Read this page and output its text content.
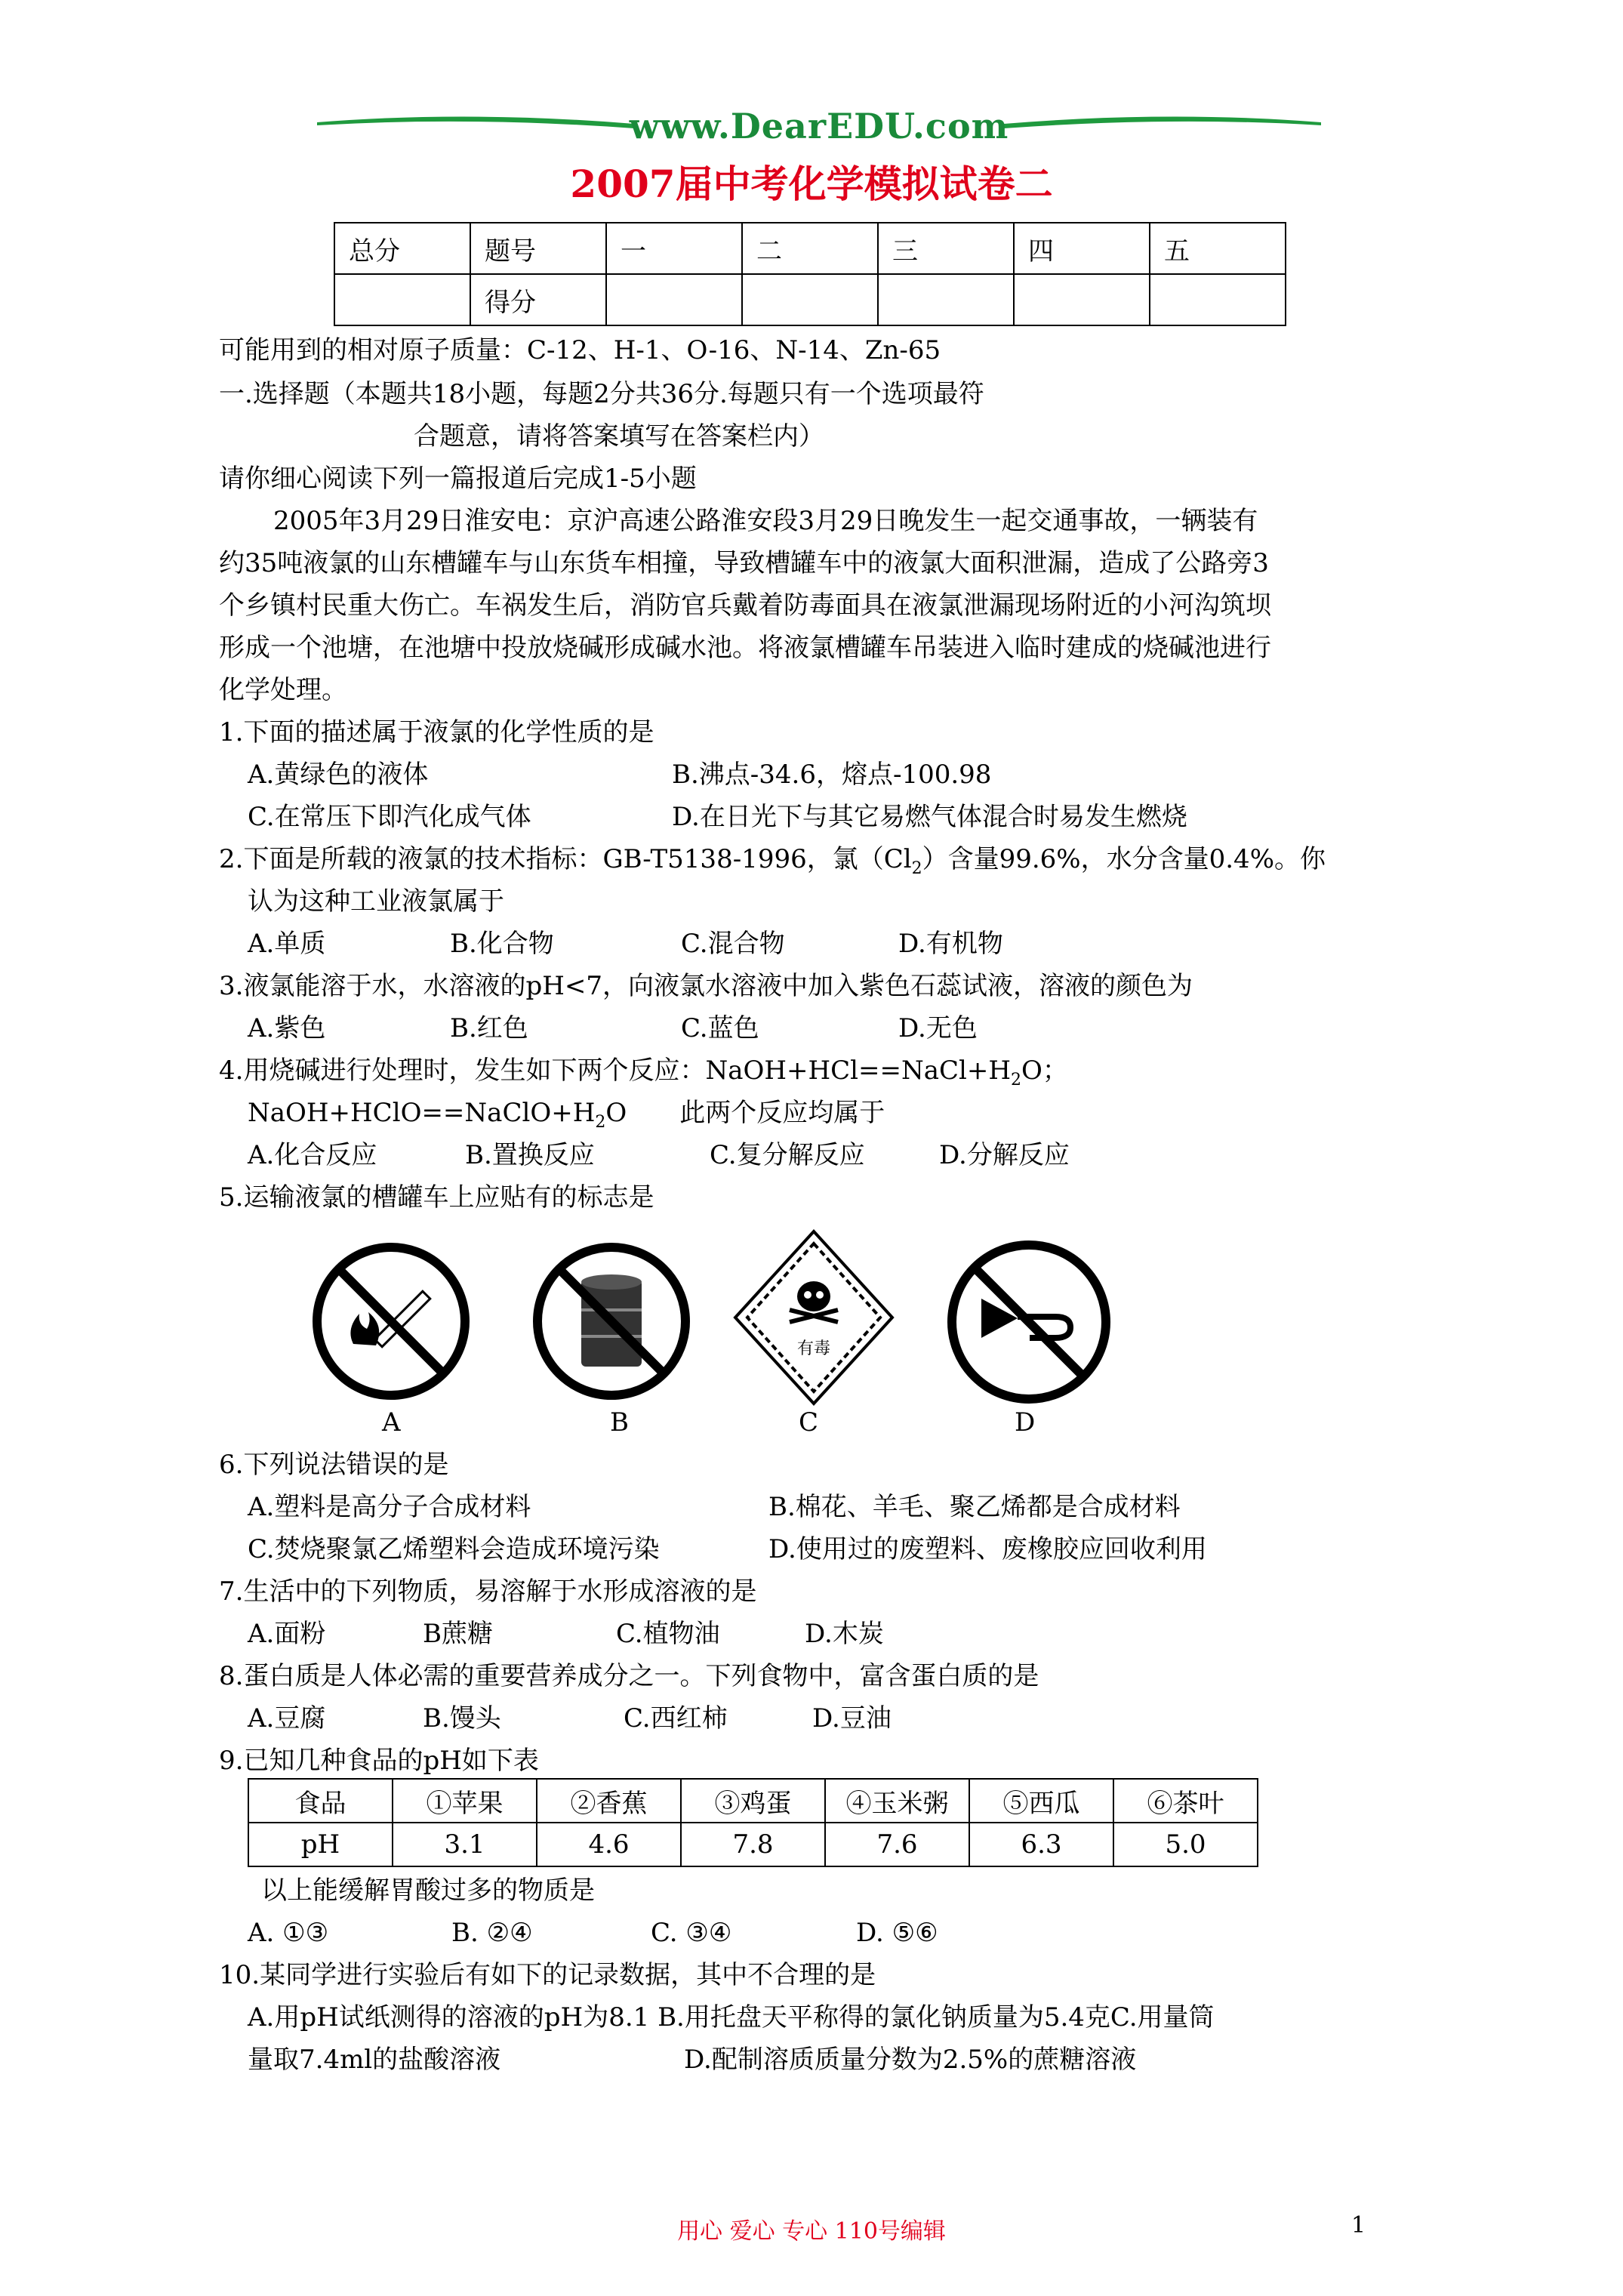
www.DearEDU.com
2007届中考化学模拟试卷二
总分	题号	一	二	三	四	五
	得分					
可能用到的相对原子质量：C-12、H-1、O-16、N-14、Zn-65
一.选择题（本题共18小题，每题2分共36分.每题只有一个选项最符
合题意，请将答案填写在答案栏内）
请你细心阅读下列一篇报道后完成1-5小题
2005年3月29日淮安电：京沪高速公路淮安段3月29日晚发生一起交通事故，一辆装有
约35吨液氯的山东槽罐车与山东货车相撞，导致槽罐车中的液氯大面积泄漏，造成了公路旁3
个乡镇村民重大伤亡。车祸发生后，消防官兵戴着防毒面具在液氯泄漏现场附近的小河沟筑坝
形成一个池塘，在池塘中投放烧碱形成碱水池。将液氯槽罐车吊装进入临时建成的烧碱池进行
化学处理。
1.下面的描述属于液氯的化学性质的是
A.黄绿色的液体	B.沸点-34.6，熔点-100.98
C.在常压下即汽化成气体	D.在日光下与其它易燃气体混合时易发生燃烧
2.下面是所载的液氯的技术指标：GB-T5138-1996，氯$(Cl_2)$含量99.6%，水分含量0.4%。你
认为这种工业液氯属于
A.单质	B.化合物	C.混合物	D.有机物
3.液氯能溶于水，水溶液的pH<7，向液氯水溶液中加入紫色石蕊试液，溶液的颜色为
A.紫色	B.红色	C.蓝色	D.无色
4.用烧碱进行处理时，发生如下两个反应：$NaOH+HCl==NaCl+H_2O$；
$NaOH+HClO==NaClO+H_2O$ 此两个反应均属于
A.化合反应	B.置换反应	C.复分解反应	D.分解反应
5.运输液氯的槽罐车上应贴有的标志是
有毒
A	B	C	D
6.下列说法错误的是
A.塑料是高分子合成材料	B.棉花、羊毛、聚乙烯都是合成材料
C.焚烧聚氯乙烯塑料会造成环境污染	D.使用过的废塑料、废橡胶应回收利用
7.生活中的下列物质，易溶解于水形成溶液的是
A.面粉	B蔗糖	C.植物油	D.木炭
8.蛋白质是人体必需的重要营养成分之一。下列食物中，富含蛋白质的是
A.豆腐	B.馒头	C.西红柿	D.豆油
9.已知几种食品的pH如下表
食品	①苹果	②香蕉	③鸡蛋	④玉米粥	⑤西瓜	⑥茶叶
pH	3.1	4.6	7.8	7.6	6.3	5.0
以上能缓解胃酸过多的物质是
A. ①③	B. ②④	C. ③④	D. ⑤⑥
10.某同学进行实验后有如下的记录数据，其中不合理的是
A.用pH试纸测得的溶液的pH为8.1 B.用托盘天平称得的氯化钠质量为5.4克C.用量筒
量取7.4ml的盐酸溶液	D.配制溶质质量分数为2.5%的蔗糖溶液
用心 爱心 专心 110号编辑	1
